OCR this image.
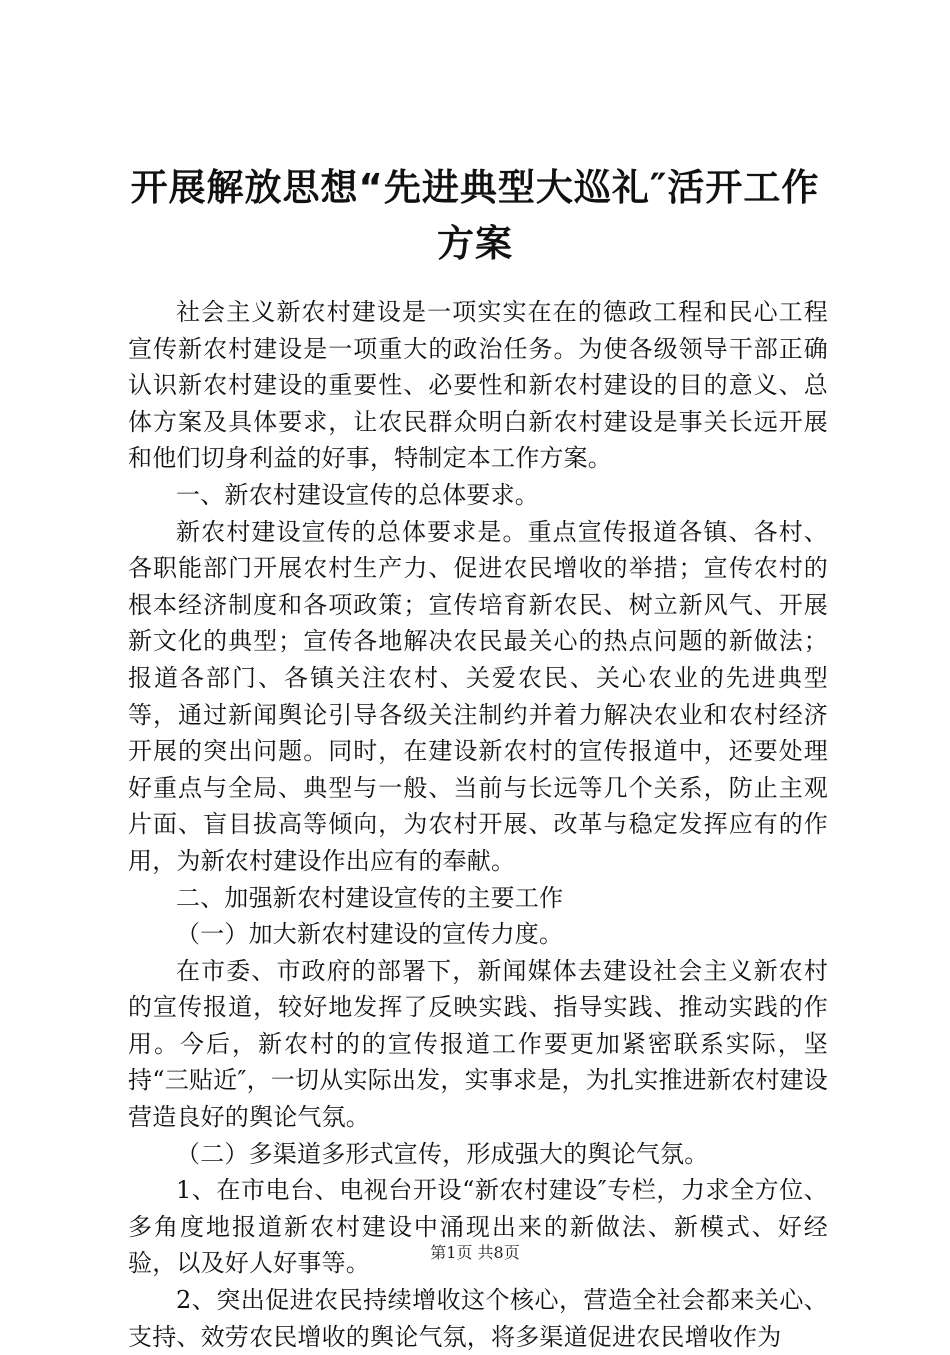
开展解放思想“先进典型大巡礼″活开工作方案

社会主义新农村建设是一项实实在在的德政工程和民心工程宣传新农村建设是一项重大的政治任务。为使各级领导干部正确认识新农村建设的重要性、必要性和新农村建设的目的意义、总体方案及具体要求，让农民群众明白新农村建设是事关长远开展和他们切身利益的好事，特制定本工作方案。

一、新农村建设宣传的总体要求。

新农村建设宣传的总体要求是。重点宣传报道各镇、各村、各职能部门开展农村生产力、促进农民增收的举措；宣传农村的根本经济制度和各项政策；宣传培育新农民、树立新风气、开展新文化的典型；宣传各地解决农民最关心的热点问题的新做法；报道各部门、各镇关注农村、关爱农民、关心农业的先进典型等，通过新闻舆论引导各级关注制约并着力解决农业和农村经济开展的突出问题。同时，在建设新农村的宣传报道中，还要处理好重点与全局、典型与一般、当前与长远等几个关系，防止主观片面、盲目拔高等倾向，为农村开展、改革与稳定发挥应有的作用，为新农村建设作出应有的奉献。

二、加强新农村建设宣传的主要工作

（一）加大新农村建设的宣传力度。

在市委、市政府的部署下，新闻媒体去建设社会主义新农村的宣传报道，较好地发挥了反映实践、指导实践、推动实践的作用。今后，新农村的的宣传报道工作要更加紧密联系实际，坚持“三贴近″，一切从实际出发，实事求是，为扎实推进新农村建设营造良好的舆论气氛。

（二）多渠道多形式宣传，形成强大的舆论气氛。

1、在市电台、电视台开设“新农村建设″专栏，力求全方位、多角度地报道新农村建设中涌现出来的新做法、新模式、好经验，以及好人好事等。

2、突出促进农民持续增收这个核心，营造全社会都来关心、支持、效劳农民增收的舆论气氛，将多渠道促进农民增收作为

第1页 共8页
